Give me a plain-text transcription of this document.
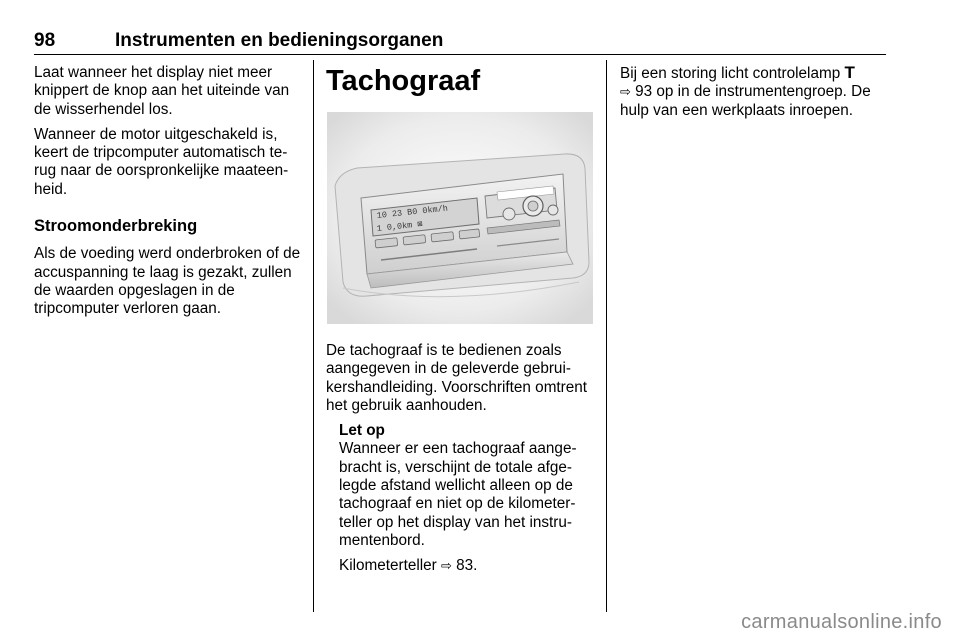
98	Instrumenten en bedieningsorganen

Laat wanneer het display niet meer knippert de knop aan het uiteinde van de wisserhendel los.

Wanneer de motor uitgeschakeld is, keert de tripcomputer automatisch terug naar de oorspronkelijke maateenheid.

Stroomonderbreking

Als de voeding werd onderbroken of de accuspanning te laag is gezakt, zullen de waarden opgeslagen in de tripcomputer verloren gaan.

Tachograaf
10 23 B0 0km/h
1 0,0km ⊠

De tachograaf is te bedienen zoals aangegeven in de geleverde gebruikershandleiding. Voorschriften omtrent het gebruik aanhouden.

Let op

Wanneer er een tachograaf aangebracht is, verschijnt de totale afgelegde afstand wellicht alleen op de tachograaf en niet op de kilometerteller op het display van het instrumentenbord.

Kilometerteller ⇨ 83.

Bij een storing licht controlelamp T
⇨ 93 op in de instrumentengroep. De hulp van een werkplaats inroepen.

carmanualsonline.info
